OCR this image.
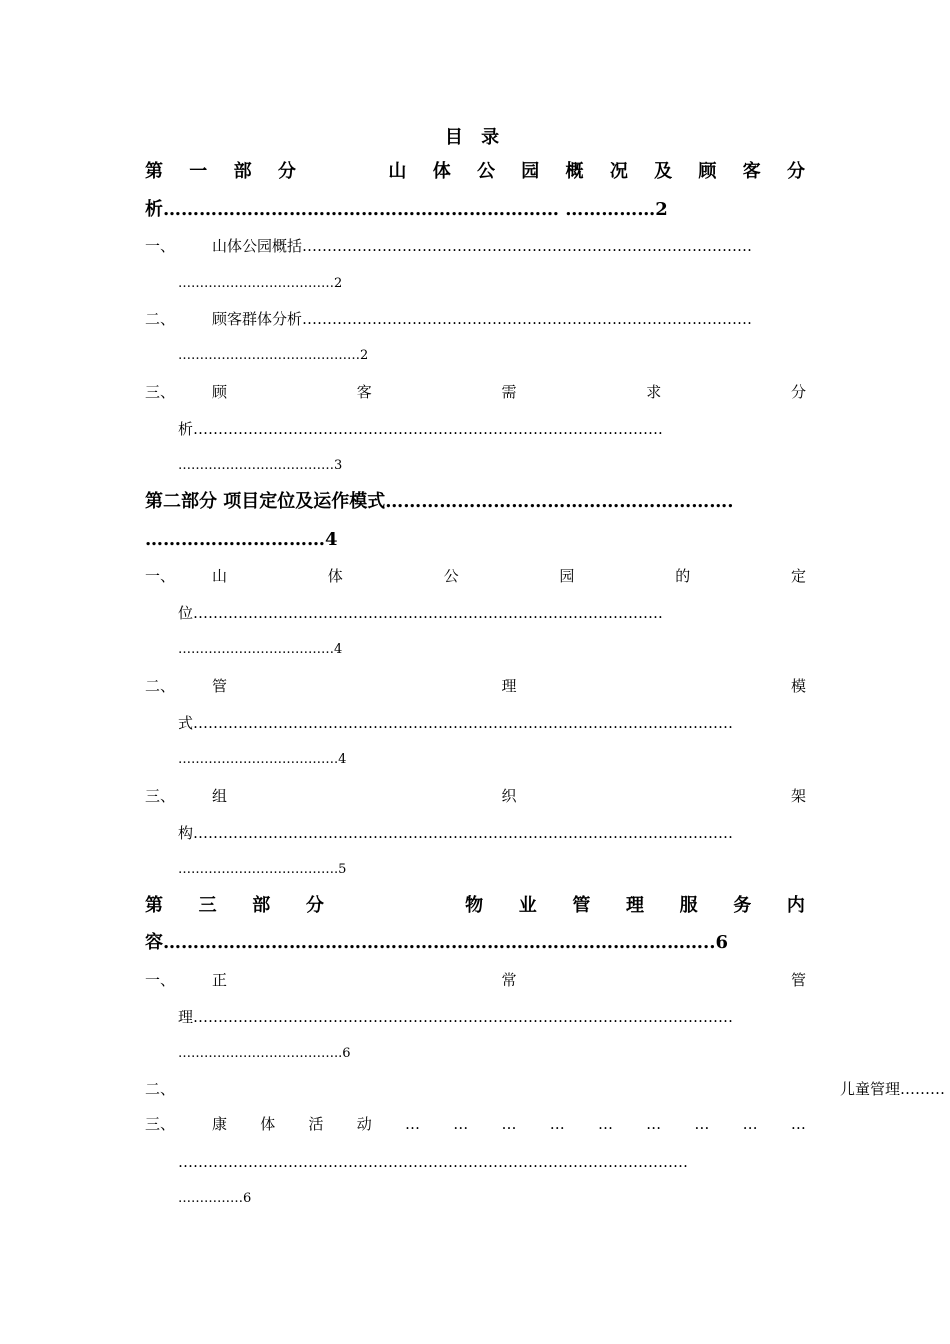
目 录
第 一 部 分	山 体 公 园 概 况 及 顾 客 分
析………………………………………………………… ……………2
一、 山体公园概括………………………………………………………………………………
………………………………2
二、 顾客群体分析………………………………………………………………………………
……………………………………2
三、 顾	客	需	求	分
析………………………………………………………………………………….
………………………………3
第二部分 项目定位及运作模式………………………………………………….
…………………………4
一、 山	体	公	园	的	定
位………………………………………………………………………………….
………………………………4
二、 管	理	模
式………………………………………………………………………………………………
……………………………….4
三、 组	织	架
构………………………………………………………………………………………………
……………………………….5
第 三 部 分	物 业 管 理 服 务 内
容………………………………………………………………………………..6
一、 正	常	管
理………………………………………………………………………………………………
………………………………..6
二、	儿童管理………
三、 康 体 活 动 … … … … … … … … …
…………………………………………………………………………………………
……………6
